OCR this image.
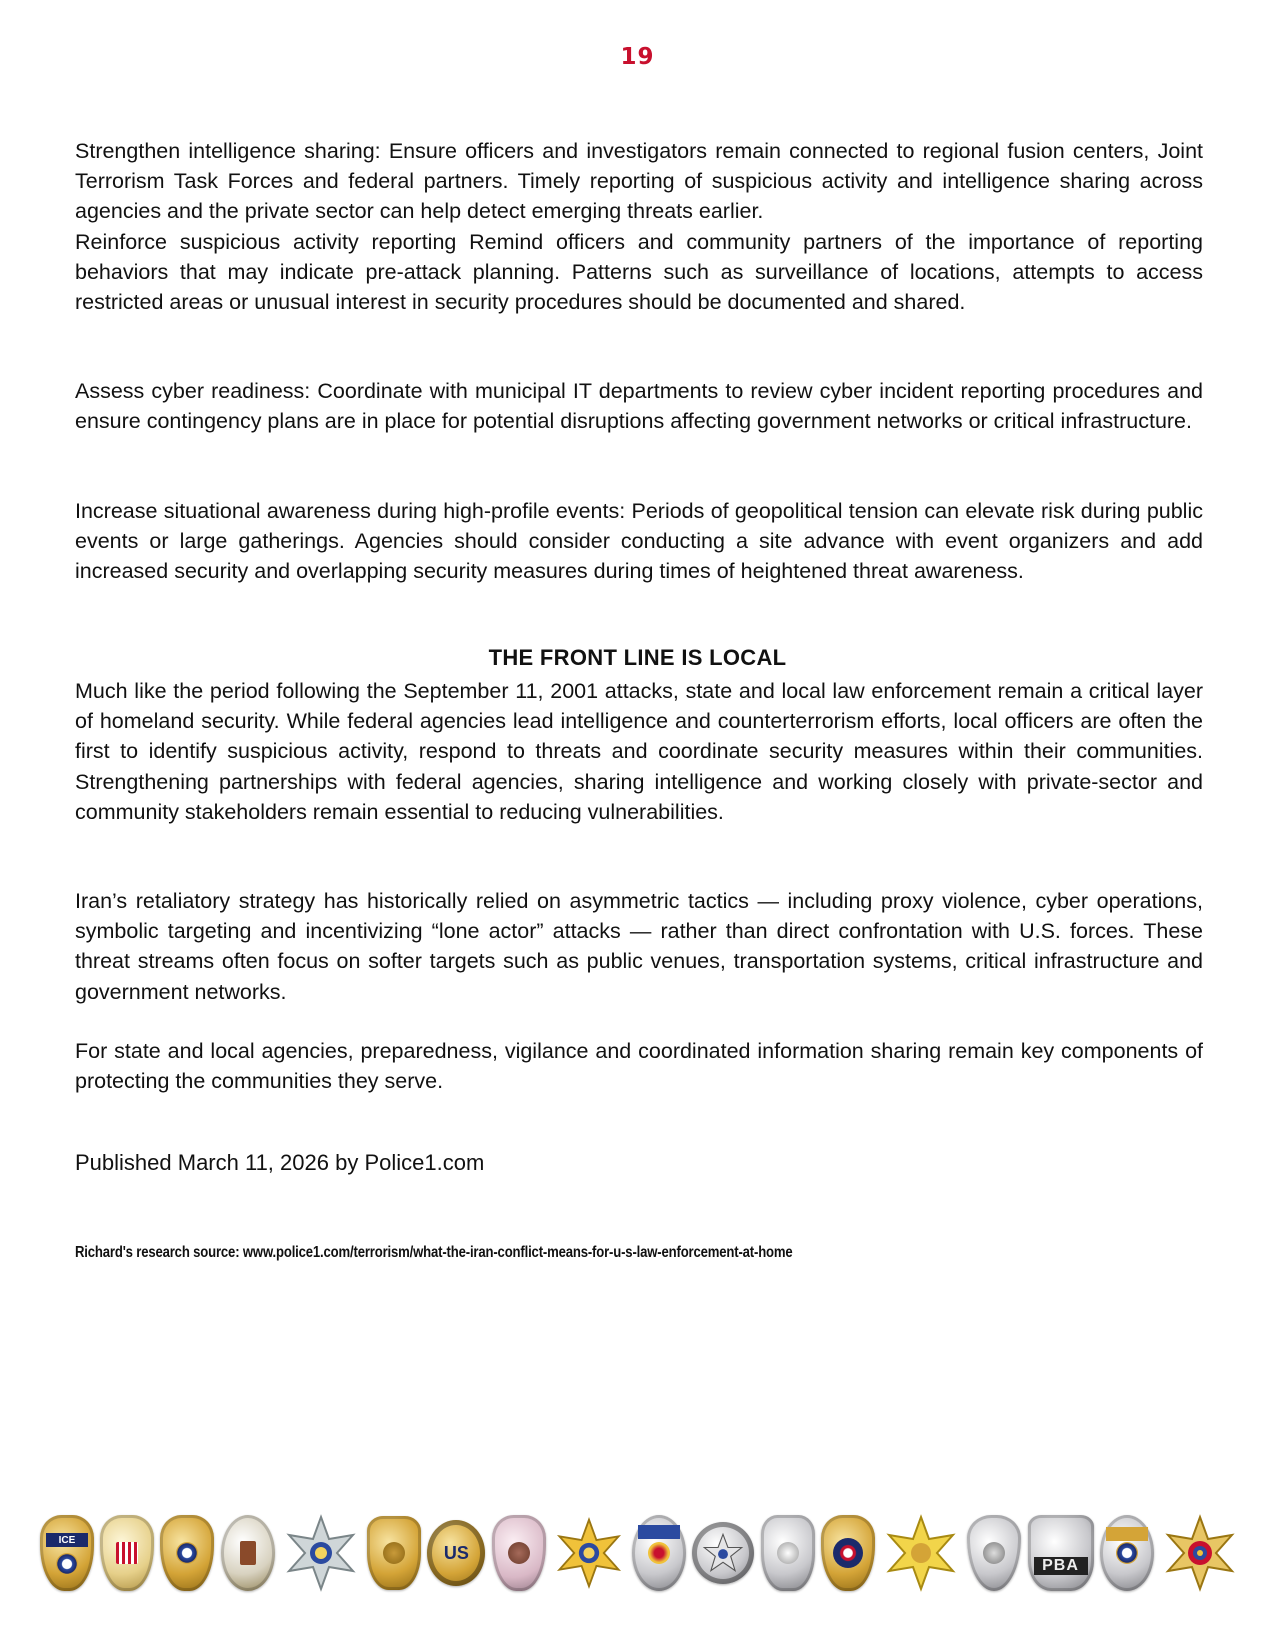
19

Strengthen intelligence sharing: Ensure officers and investigators remain connected to regional fusion centers, Joint Terrorism Task Forces and federal partners. Timely reporting of suspicious activity and intelligence sharing across agencies and the private sector can help detect emerging threats earlier.

Reinforce suspicious activity reporting Remind officers and community partners of the importance of reporting behaviors that may indicate pre-attack planning. Patterns such as surveillance of locations, attempts to access restricted areas or unusual interest in security procedures should be documented and shared.

Assess cyber readiness: Coordinate with municipal IT departments to review cyber incident reporting procedures and ensure contingency plans are in place for potential disruptions affecting government networks or critical infrastructure.

Increase situational awareness during high-profile events: Periods of geopolitical tension can elevate risk during public events or large gatherings. Agencies should consider conducting a site advance with event organizers and add increased security and overlapping security measures during times of heightened threat awareness.

THE FRONT LINE IS LOCAL

Much like the period following the September 11, 2001 attacks, state and local law enforcement remain a critical layer of homeland security. While federal agencies lead intelligence and counterterrorism efforts, local officers are often the first to identify suspicious activity, respond to threats and coordinate security measures within their communities. Strengthening partnerships with federal agencies, sharing intelligence and working closely with private-sector and community stakeholders remain essential to reducing vulnerabilities.

Iran’s retaliatory strategy has historically relied on asymmetric tactics — including proxy violence, cyber operations, symbolic targeting and incentivizing “lone actor” attacks — rather than direct confrontation with U.S. forces. These threat streams often focus on softer targets such as public venues, transportation systems, critical infrastructure and government networks.

For state and local agencies, preparedness, vigilance and coordinated information sharing remain key components of protecting the communities they serve.

Published March 11, 2026 by Police1.com
Richard's research source: www.police1.com/terrorism/what-the-iran-conflict-means-for-u-s-law-enforcement-at-home
ICE
US
PBA
